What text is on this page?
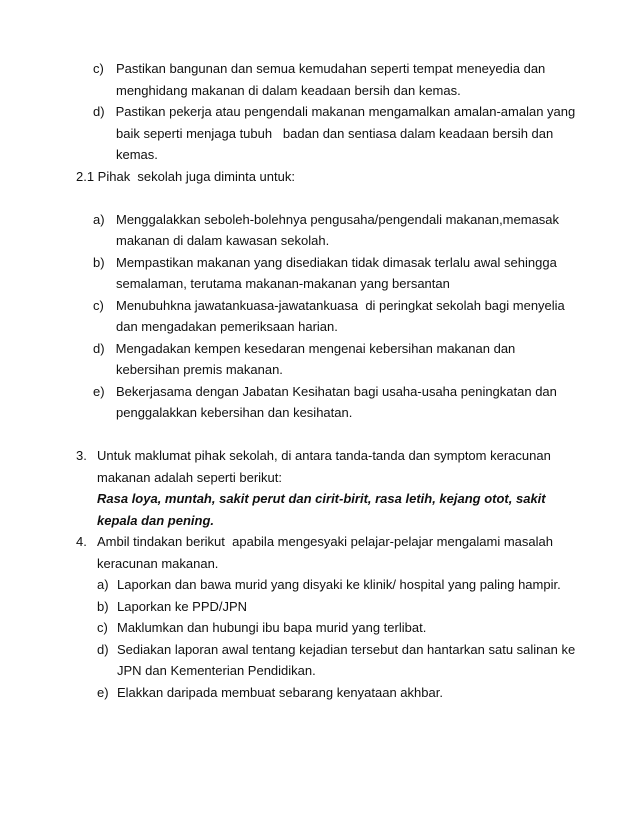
c) Pastikan bangunan dan semua kemudahan seperti tempat meneyedia dan
menghidang makanan di dalam keadaan bersih dan kemas.
d) Pastikan pekerja atau pengendali makanan mengamalkan amalan-amalan yang
baik seperti menjaga tubuh   badan dan sentiasa dalam keadaan bersih dan
kemas.
2.1 Pihak  sekolah juga diminta untuk:
a) Menggalakkan seboleh-bolehnya pengusaha/pengendali makanan,memasak
makanan di dalam kawasan sekolah.
b) Mempastikan makanan yang disediakan tidak dimasak terlalu awal sehingga
semalaman, terutama makanan-makanan yang bersantan
c) Menubuhkna jawatankuasa-jawatankuasa  di peringkat sekolah bagi menyelia
dan mengadakan pemeriksaan harian.
d) Mengadakan kempen kesedaran mengenai kebersihan makanan dan
kebersihan premis makanan.
e) Bekerjasama dengan Jabatan Kesihatan bagi usaha-usaha peningkatan dan
penggalakkan kebersihan dan kesihatan.
3. Untuk maklumat pihak sekolah, di antara tanda-tanda dan symptom keracunan
makanan adalah seperti berikut:
Rasa loya, muntah, sakit perut dan cirit-birit, rasa letih, kejang otot, sakit
kepala dan pening.
4. Ambil tindakan berikut  apabila mengesyaki pelajar-pelajar mengalami masalah
keracunan makanan.
a) Laporkan dan bawa murid yang disyaki ke klinik/ hospital yang paling hampir.
b) Laporkan ke PPD/JPN
c) Maklumkan dan hubungi ibu bapa murid yang terlibat.
d) Sediakan laporan awal tentang kejadian tersebut dan hantarkan satu salinan ke
JPN dan Kementerian Pendidikan.
e) Elakkan daripada membuat sebarang kenyataan akhbar.
